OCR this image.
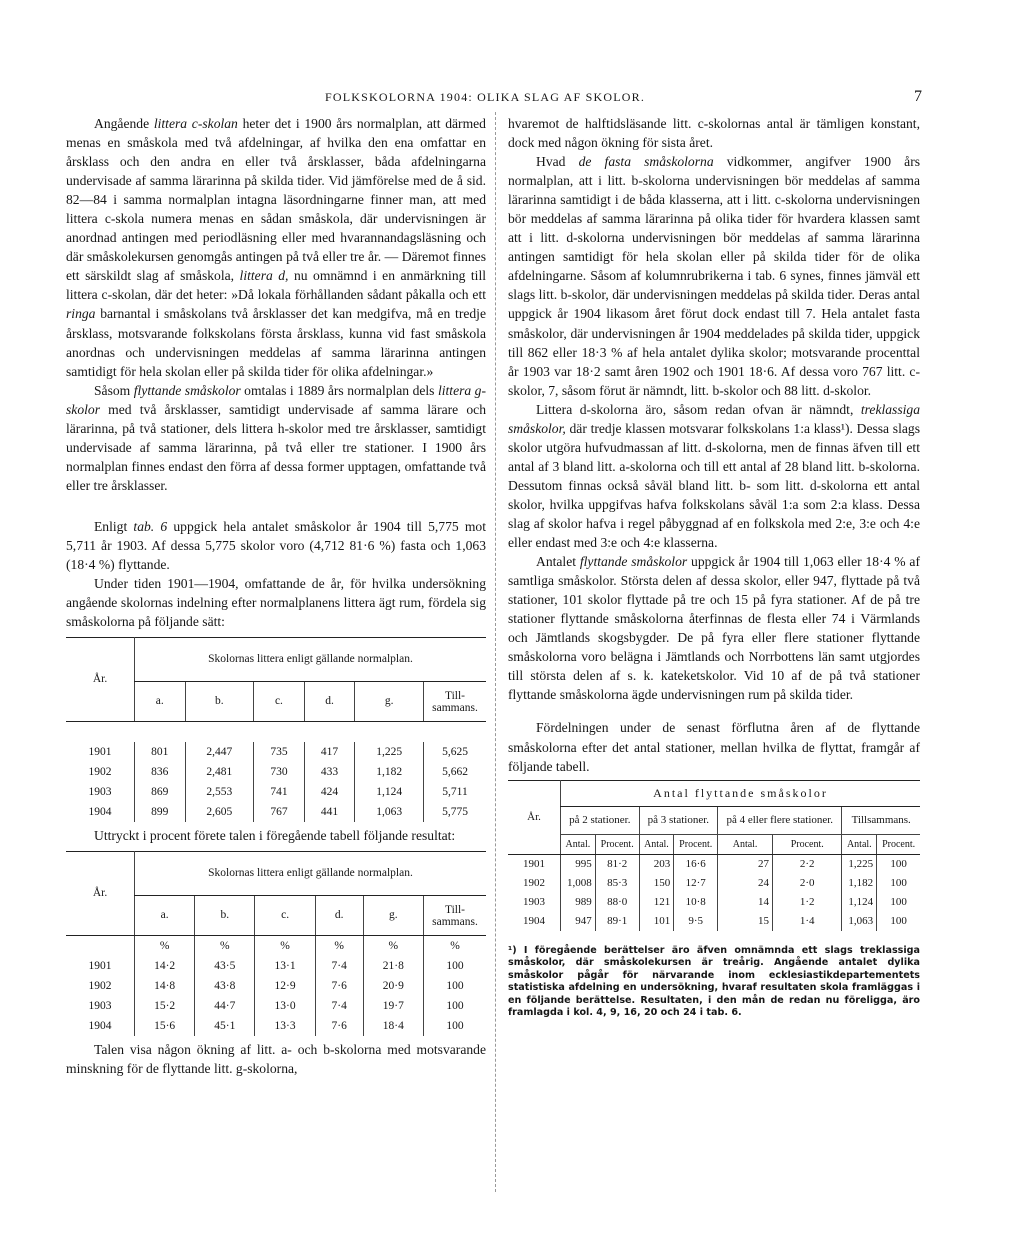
FOLKSKOLORNA 1904: OLIKA SLAG AF SKOLOR.	7

Angående littera c-skolan heter det i 1900 års normalplan, att därmed menas en småskola med två afdelningar, af hvilka den ena omfattar en årsklass och den andra en eller två årsklasser, båda afdelningarna undervisade af samma lärarinna på skilda tider. Vid jämförelse med de å sid. 82—84 i samma normalplan intagna läsordningarne finner man, att med littera c-skola numera menas en sådan småskola, där undervisningen är anordnad antingen med periodläsning eller med hvarannandagsläsning och där småskolekursen genomgås antingen på två eller tre år. — Däremot finnes ett särskildt slag af småskola, littera d, nu omnämnd i en anmärkning till littera c-skolan, där det heter: »Då lokala förhållanden sådant påkalla och ett ringa barnantal i småskolans två årsklasser det kan medgifva, må en tredje årsklass, motsvarande folkskolans första årsklass, kunna vid fast småskola anordnas och undervisningen meddelas af samma lärarinna antingen samtidigt för hela skolan eller på skilda tider för olika afdelningar.»

Såsom flyttande småskolor omtalas i 1889 års normalplan dels littera g-skolor med två årsklasser, samtidigt undervisade af samma lärare och lärarinna, på två stationer, dels littera h-skolor med tre årsklasser, samtidigt undervisade af samma lärarinna, på två eller tre stationer. I 1900 års normalplan finnes endast den förra af dessa former upptagen, omfattande två eller tre årsklasser.

Enligt tab. 6 uppgick hela antalet småskolor år 1904 till 5,775 mot 5,711 år 1903. Af dessa 5,775 skolor voro (4,712 81·6 %) fasta och 1,063 (18·4 %) flyttande.

Under tiden 1901—1904, omfattande de år, för hvilka undersökning angående skolornas indelning efter normalplanens littera ägt rum, fördela sig småskolorna på följande sätt:

År.	Skolornas littera enligt gällande normalplan.					
	a.	b.	c.	d.	g.	Till-sammans.

1901	801	2,447	735	417	1,225	5,625
1902	836	2,481	730	433	1,182	5,662
1903	869	2,553	741	424	1,124	5,711
1904	899	2,605	767	441	1,063	5,775

Uttryckt i procent förete talen i föregående tabell följande resultat:

År.	Skolornas littera enligt gällande normalplan.					
	a.	b.	c.	d.	g.	Till-sammans.
	%	%	%	%	%	%
1901	14·2	43·5	13·1	7·4	21·8	100
1902	14·8	43·8	12·9	7·6	20·9	100
1903	15·2	44·7	13·0	7·4	19·7	100
1904	15·6	45·1	13·3	7·6	18·4	100

Talen visa någon ökning af litt. a- och b-skolorna med motsvarande minskning för de flyttande litt. g-skolorna,

hvaremot de halftidsläsande litt. c-skolornas antal är tämligen konstant, dock med någon ökning för sista året.

Hvad de fasta småskolorna vidkommer, angifver 1900 års normalplan, att i litt. b-skolorna undervisningen bör meddelas af samma lärarinna samtidigt i de båda klasserna, att i litt. c-skolorna undervisningen bör meddelas af samma lärarinna på olika tider för hvardera klassen samt att i litt. d-skolorna undervisningen bör meddelas af samma lärarinna antingen samtidigt för hela skolan eller på skilda tider för de olika afdelningarne. Såsom af kolumnrubrikerna i tab. 6 synes, finnes jämväl ett slags litt. b-skolor, där undervisningen meddelas på skilda tider. Deras antal uppgick år 1904 likasom året förut dock endast till 7. Hela antalet fasta småskolor, där undervisningen år 1904 meddelades på skilda tider, uppgick till 862 eller 18·3 % af hela antalet dylika skolor; motsvarande procenttal år 1903 var 18·2 samt åren 1902 och 1901 18·6. Af dessa voro 767 litt. c-skolor, 7, såsom förut är nämndt, litt. b-skolor och 88 litt. d-skolor.

Littera d-skolorna äro, såsom redan ofvan är nämndt, treklassiga småskolor, där tredje klassen motsvarar folkskolans 1:a klass¹). Dessa slags skolor utgöra hufvudmassan af litt. d-skolorna, men de finnas äfven till ett antal af 3 bland litt. a-skolorna och till ett antal af 28 bland litt. b-skolorna. Dessutom finnas också såväl bland litt. b- som litt. d-skolorna ett antal skolor, hvilka uppgifvas hafva folkskolans såväl 1:a som 2:a klass. Dessa slag af skolor hafva i regel påbyggnad af en folkskola med 2:e, 3:e och 4:e eller endast med 3:e och 4:e klasserna.

Antalet flyttande småskolor uppgick år 1904 till 1,063 eller 18·4 % af samtliga småskolor. Största delen af dessa skolor, eller 947, flyttade på två stationer, 101 skolor flyttade på tre och 15 på fyra stationer. Af de på tre stationer flyttande småskolorna återfinnas de flesta eller 74 i Värmlands och Jämtlands skogsbygder. De på fyra eller flere stationer flyttande småskolorna voro belägna i Jämtlands och Norrbottens län samt utgjordes till största delen af s. k. kateketskolor. Vid 10 af de på två stationer flyttande småskolorna ägde undervisningen rum på skilda tider.

Fördelningen under de senast förflutna åren af de flyttande småskolorna efter det antal stationer, mellan hvilka de flyttat, framgår af följande tabell.

År.	Antal flyttande småskolor							
	på 2 stationer.		på 3 stationer.		på 4 eller flere stationer.		Tillsammans.	
	Antal.	Procent.	Antal.	Procent.	Antal.	Procent.	Antal.	Procent.
1901	995	81·2	203	16·6	27	2·2	1,225	100
1902	1,008	85·3	150	12·7	24	2·0	1,182	100
1903	989	88·0	121	10·8	14	1·2	1,124	100
1904	947	89·1	101	9·5	15	1·4	1,063	100

¹) I föregående berättelser äro äfven omnämnda ett slags treklassiga småskolor, där småskolekursen är treårig. Angående antalet dylika småskolor pågår för närvarande inom ecklesiastikdepartementets statistiska afdelning en undersökning, hvaraf resultaten skola framläggas i en följande berättelse. Resultaten, i den mån de redan nu föreligga, äro framlagda i kol. 4, 9, 16, 20 och 24 i tab. 6.
